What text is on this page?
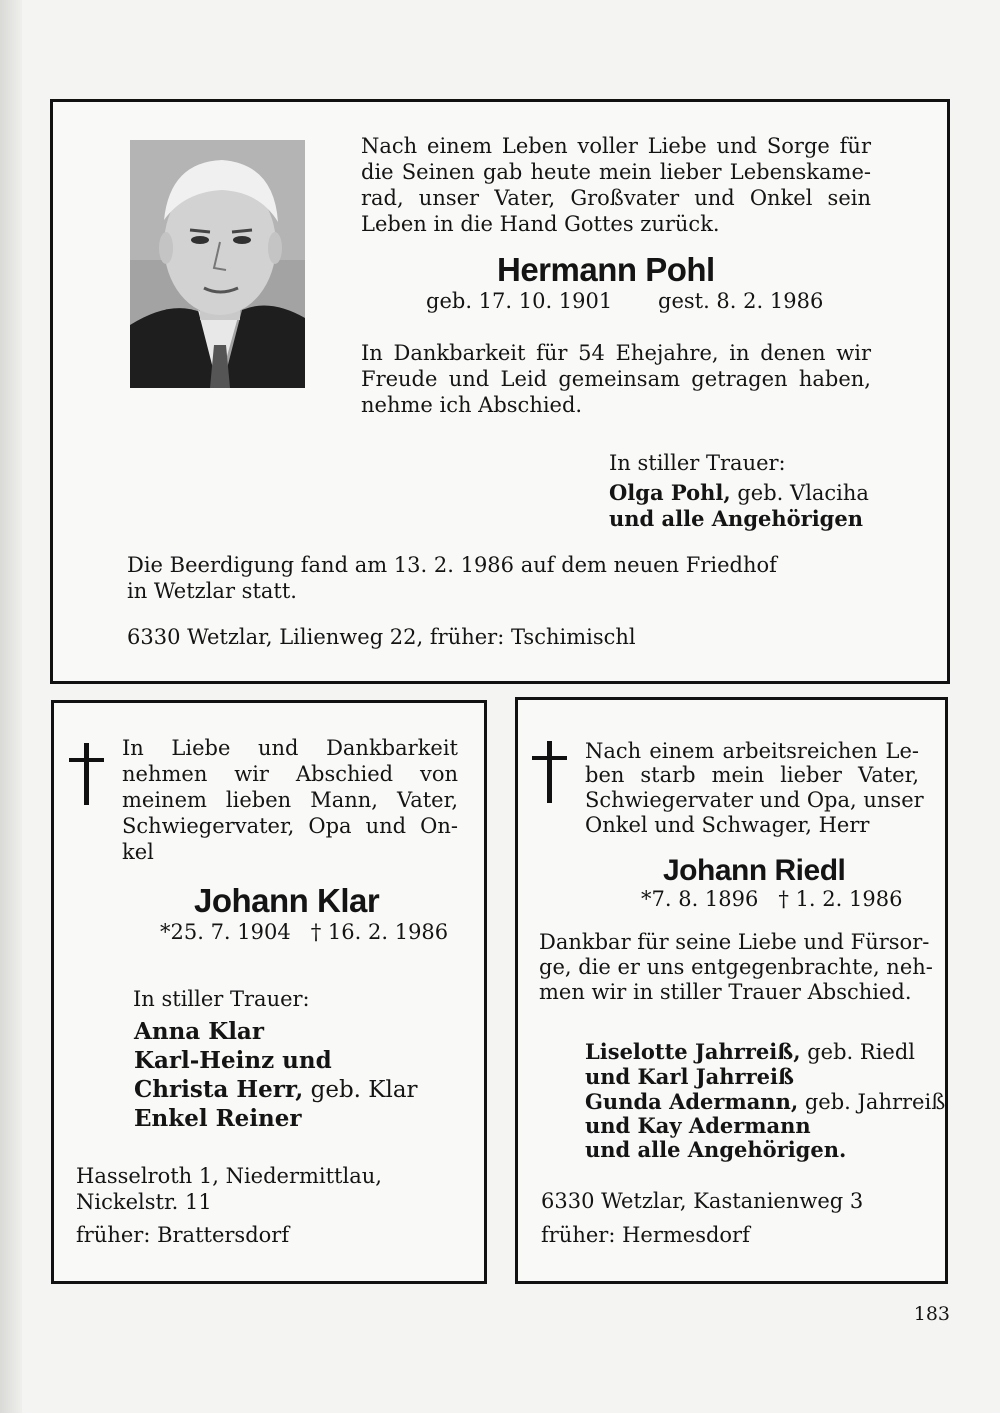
Nach einem Leben voller Liebe und Sorge für
die Seinen gab heute mein lieber Lebenskame-
rad, unser Vater, Großvater und Onkel sein
Leben in die Hand Gottes zurück.
Hermann Pohl
geb. 17. 10. 1901 gest. 8. 2. 1986
In Dankbarkeit für 54 Ehejahre, in denen wir
Freude und Leid gemeinsam getragen haben,
nehme ich Abschied.
In stiller Trauer:
Olga Pohl, geb. Vlaciha
und alle Angehörigen
Die Beerdigung fand am 13. 2. 1986 auf dem neuen Friedhof
in Wetzlar statt.
6330 Wetzlar, Lilienweg 22, früher: Tschimischl
In Liebe und Dankbarkeit
nehmen wir Abschied von
meinem lieben Mann, Vater,
Schwiegervater, Opa und On-
kel
Johann Klar
*25. 7. 1904   † 16. 2. 1986
In stiller Trauer:
Anna Klar
Karl-Heinz und
Christa Herr, geb. Klar
Enkel Reiner
Hasselroth 1, Niedermittlau,
Nickelstr. 11
früher: Brattersdorf
Nach einem arbeitsreichen Le-
ben starb mein lieber Vater,
Schwiegervater und Opa, unser
Onkel und Schwager, Herr
Johann Riedl
*7. 8. 1896   † 1. 2. 1986
Dankbar für seine Liebe und Fürsor-
ge, die er uns entgegenbrachte, neh-
men wir in stiller Trauer Abschied.
Liselotte Jahrreiß, geb. Riedl
und Karl Jahrreiß
Gunda Adermann, geb. Jahrreiß
und Kay Adermann
und alle Angehörigen.
6330 Wetzlar, Kastanienweg 3
früher: Hermesdorf
183
